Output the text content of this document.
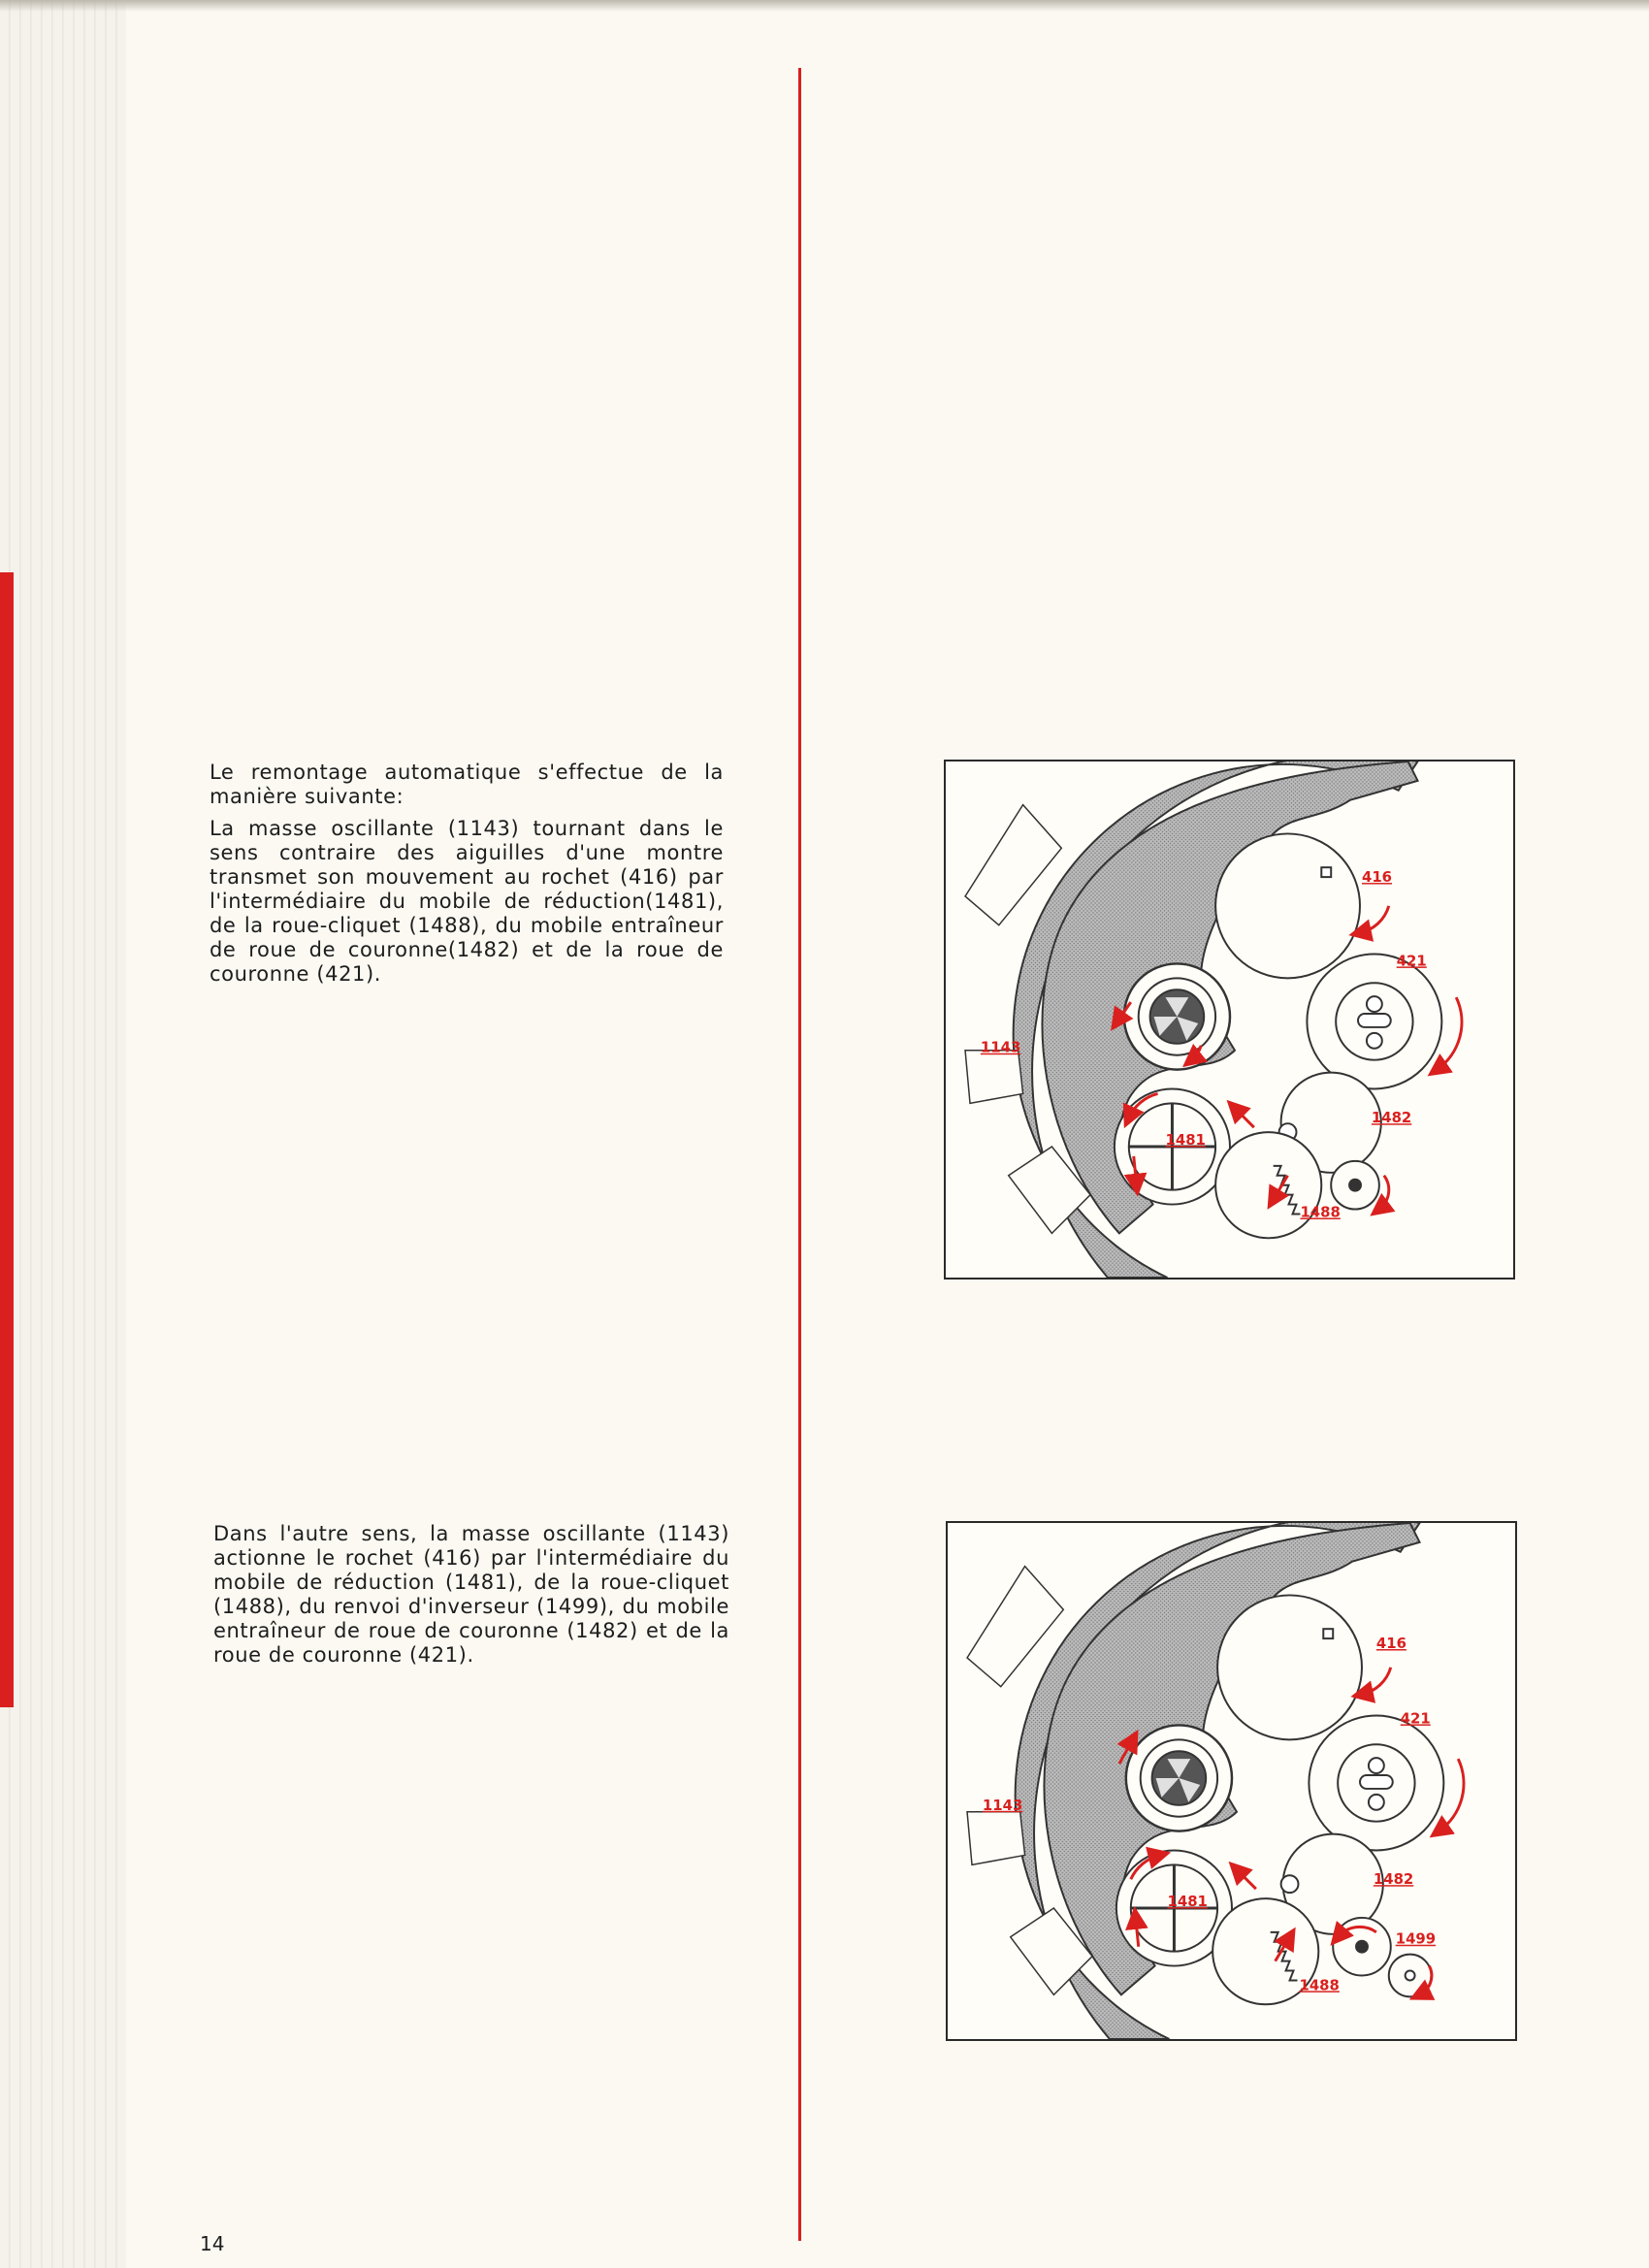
Le remontage automatique s'effectue de la manière suivante:

La masse oscillante (1143) tournant dans le sens contraire des aiguilles d'une montre transmet son mouvement au rochet (416) par l'intermédiaire du mobile de réduction(1481), de la roue-cliquet (1488), du mobile entraîneur de roue de couronne(1482) et de la roue de couronne (421).

Dans l'autre sens, la masse oscillante (1143) actionne le rochet (416) par l'intermédiaire du mobile de réduction (1481), de la roue-cliquet (1488), du renvoi d'inverseur (1499), du mobile entraîneur de roue de couronne (1482) et de la roue de couronne (421).

416
421
1143
1481
1482
1488
416
421
1143
1481
1482
1488
1499

14
